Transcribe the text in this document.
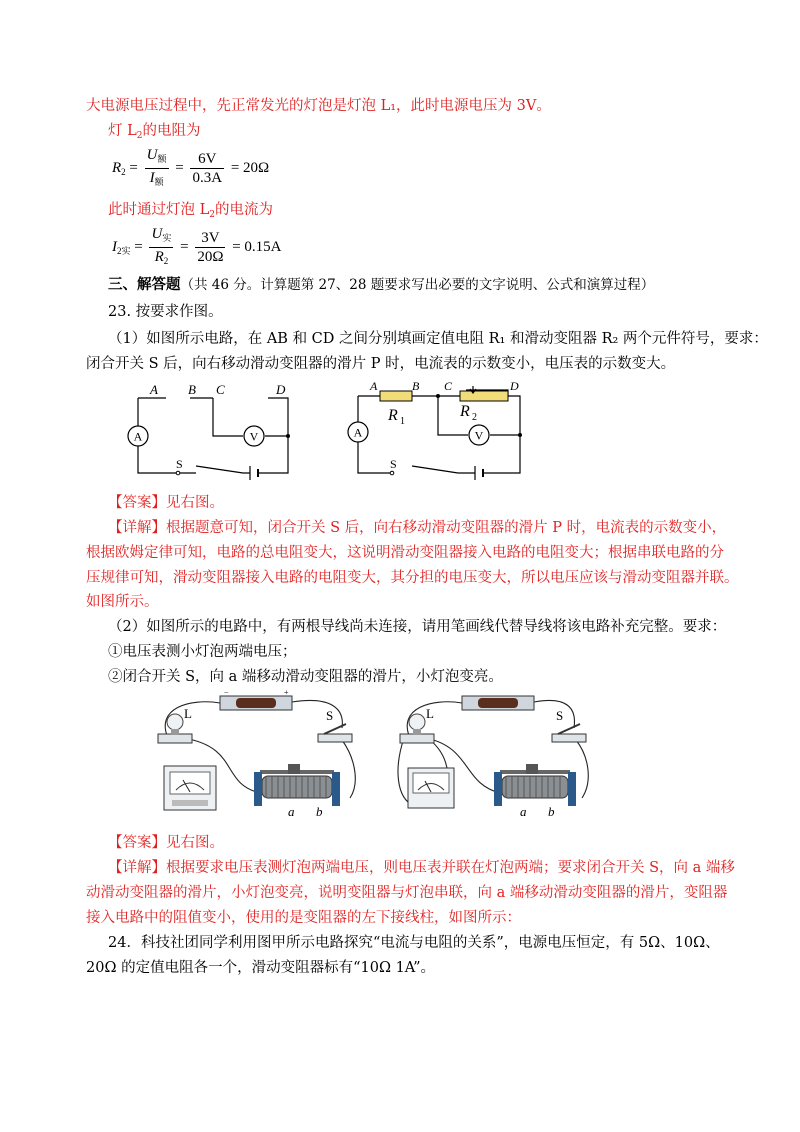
大电源电压过程中，先正常发光的灯泡是灯泡 L₁，此时电源电压为 3V。
灯 $L_2$的电阻为
$R_2 = \frac{U_额}{I_额} = \frac{6V}{0.3A} = 20\Omega$
此时通过灯泡 $L_2$的电流为
$I_{2实} = \frac{U_实}{R_2} = \frac{3V}{20\Omega} = 0.15A$
三、解答题（共 46 分。计算题第 27、28 题要求写出必要的文字说明、公式和演算过程）
23. 按要求作图。
（1）如图所示电路，在 AB 和 CD 之间分别填画定值电阻 R₁ 和滑动变阻器 R₂ 两个元件符号，要求：
闭合开关 S 后，向右移动滑动变阻器的滑片 P 时，电流表的示数变小，电压表的示数变大。
A	V
A B C	D
S
A	V
A	B C	D
R 1
R 2
S
【答案】见右图。
【详解】根据题意可知，闭合开关 S 后，向右移动滑动变阻器的滑片 P 时，电流表的示数变小，
根据欧姆定律可知，电路的总电阻变大，这说明滑动变阻器接入电路的电阻变大；根据串联电路的分
压规律可知，滑动变阻器接入电路的电阻变大，其分担的电压变大，所以电压应该与滑动变阻器并联。
如图所示。
（2）如图所示的电路中，有两根导线尚未连接，请用笔画线代替导线将该电路补充完整。要求：
①电压表测小灯泡两端电压；
②闭合开关 S，向 a 端移动滑动变阻器的滑片，小灯泡变亮。
−	+
L	S
a b
L	S
a b
【答案】见右图。
【详解】根据要求电压表测灯泡两端电压，则电压表并联在灯泡两端；要求闭合开关 S，向 a 端移
动滑动变阻器的滑片，小灯泡变亮，说明变阻器与灯泡串联，向 a 端移动滑动变阻器的滑片，变阻器
接入电路中的阻值变小，使用的是变阻器的左下接线柱，如图所示：
24．科技社团同学利用图甲所示电路探究“电流与电阻的关系”，电源电压恒定，有 5Ω、10Ω、
20Ω 的定值电阻各一个，滑动变阻器标有“10Ω 1A”。
